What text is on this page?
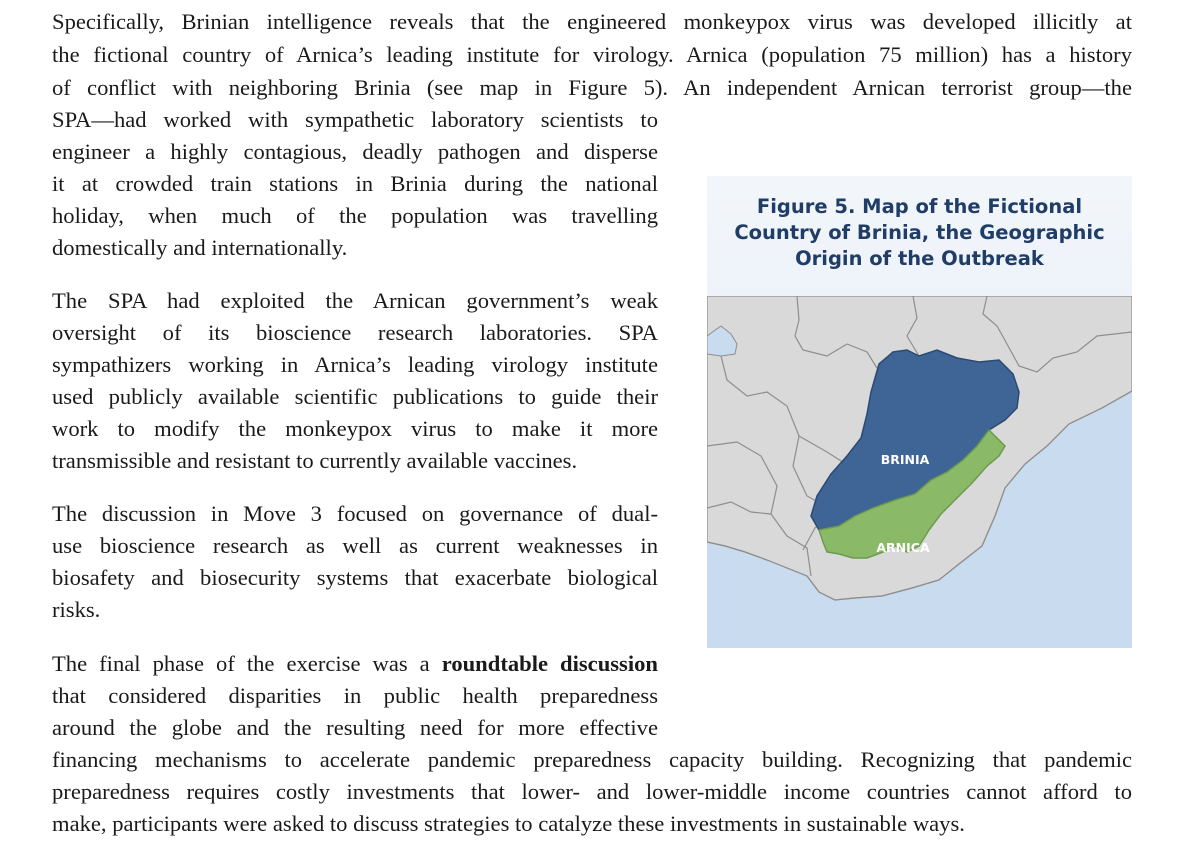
Specifically, Brinian intelligence reveals that the engineered monkeypox virus was developed illicitly at
the fictional country of Arnica’s leading institute for virology. Arnica (population 75 million) has a history
of conflict with neighboring Brinia (see map in Figure 5). An independent Arnican terrorist group—the
SPA—had worked with sympathetic laboratory scientists to
engineer a highly contagious, deadly pathogen and disperse
it at crowded train stations in Brinia during the national
holiday, when much of the population was travelling
domestically and internationally.
The SPA had exploited the Arnican government’s weak
oversight of its bioscience research laboratories. SPA
sympathizers working in Arnica’s leading virology institute
used publicly available scientific publications to guide their
work to modify the monkeypox virus to make it more
transmissible and resistant to currently available vaccines.
The discussion in Move 3 focused on governance of dual-
use bioscience research as well as current weaknesses in
biosafety and biosecurity systems that exacerbate biological
risks.
The final phase of the exercise was a roundtable discussion
that considered disparities in public health preparedness
around the globe and the resulting need for more effective
financing mechanisms to accelerate pandemic preparedness capacity building. Recognizing that pandemic
preparedness requires costly investments that lower- and lower-middle income countries cannot afford to
make, participants were asked to discuss strategies to catalyze these investments in sustainable ways.
Figure 5. Map of the Fictional
Country of Brinia, the Geographic
Origin of the Outbreak
BRINIA
ARNICA
